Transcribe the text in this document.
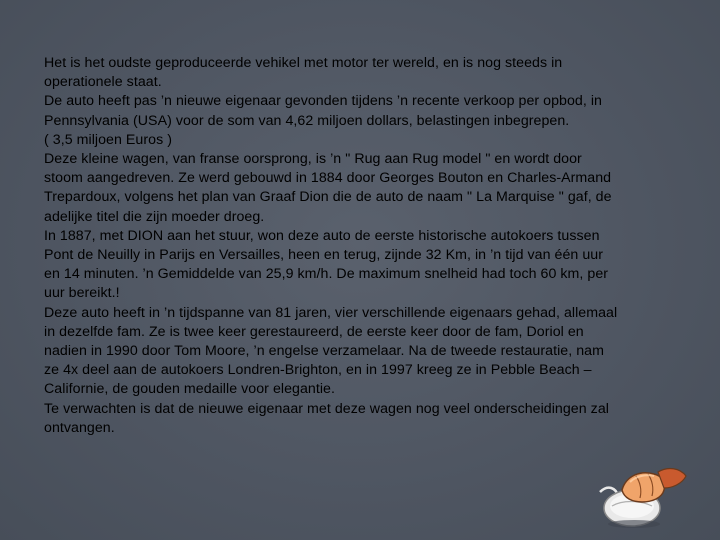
Het is het oudste geproduceerde vehikel met motor ter wereld, en is nog steeds in
operationele staat.
De auto heeft pas ’n nieuwe eigenaar gevonden tijdens ’n recente verkoop per opbod, in
Pennsylvania (USA) voor de som van 4,62 miljoen dollars, belastingen inbegrepen.
( 3,5 miljoen Euros )
Deze kleine wagen, van franse oorsprong, is ’n " Rug aan Rug model " en wordt door
stoom aangedreven. Ze werd gebouwd in 1884 door Georges Bouton en Charles-Armand
Trepardoux, volgens het plan van Graaf Dion die de auto de naam " La Marquise " gaf, de
adelijke titel die zijn moeder droeg.
In 1887, met DION aan het stuur, won deze auto de eerste historische autokoers tussen
Pont de Neuilly in Parijs en Versailles, heen en terug, zijnde 32 Km, in ’n tijd van één uur
en 14 minuten. ’n Gemiddelde van 25,9 km/h. De maximum snelheid had toch 60 km, per
uur bereikt.!
Deze auto heeft in ’n tijdspanne van 81 jaren, vier verschillende eigenaars gehad, allemaal
in dezelfde fam. Ze is twee keer gerestaureerd, de eerste keer door de fam, Doriol en
nadien in 1990 door Tom Moore, ’n engelse verzamelaar. Na de tweede restauratie, nam
ze 4x deel aan de autokoers Londren-Brighton, en in 1997 kreeg ze in Pebble Beach –
Californie, de gouden medaille voor elegantie.
Te verwachten is dat de nieuwe eigenaar met deze wagen nog veel onderscheidingen zal
ontvangen.
